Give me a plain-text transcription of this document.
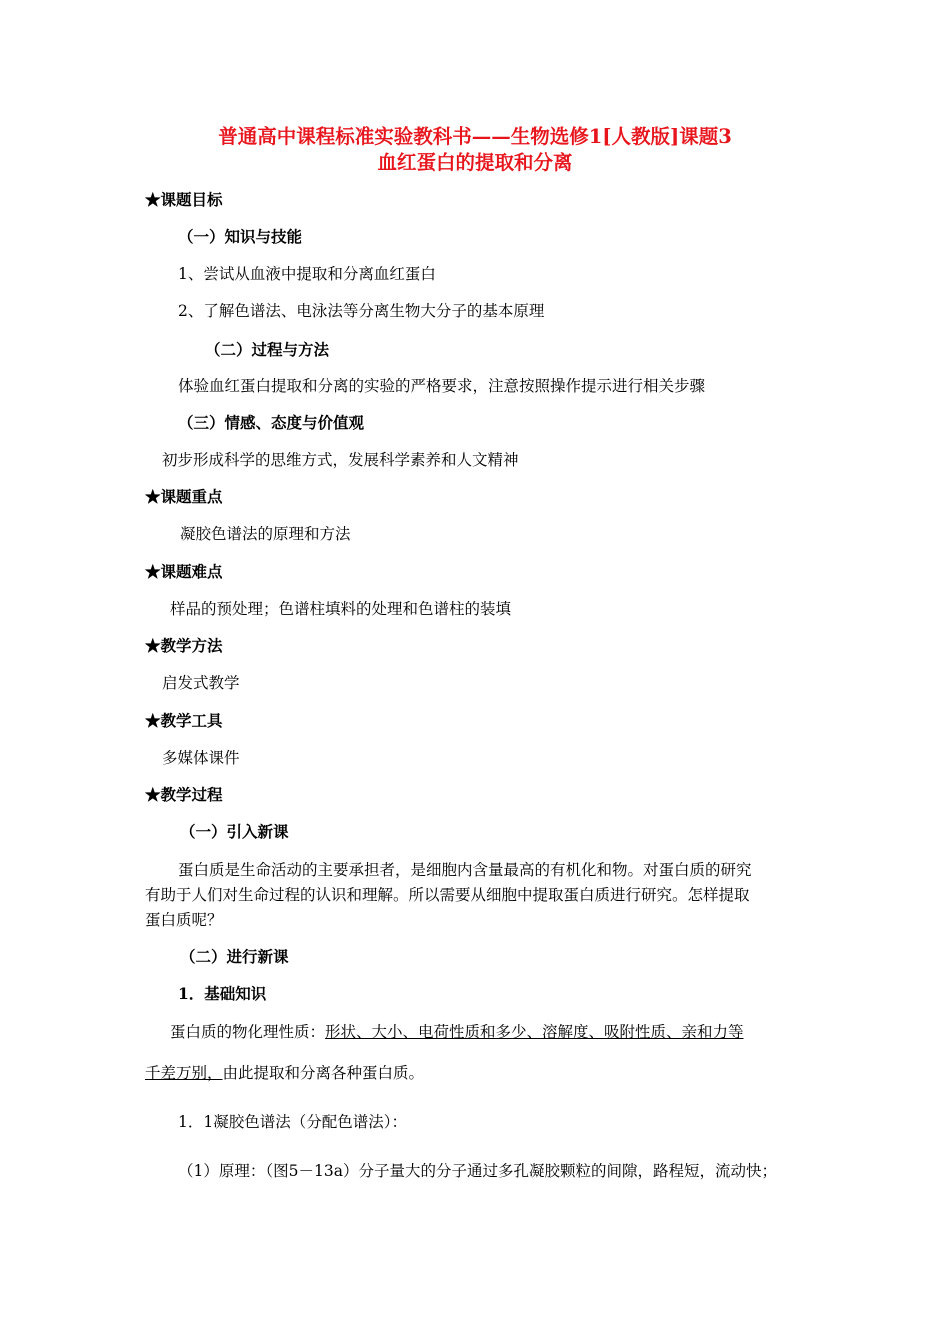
普通高中课程标准实验教科书——生物选修1[人教版]课题3
血红蛋白的提取和分离
★课题目标
（一）知识与技能
1、尝试从血液中提取和分离血红蛋白
2、了解色谱法、电泳法等分离生物大分子的基本原理
（二）过程与方法
体验血红蛋白提取和分离的实验的严格要求，注意按照操作提示进行相关步骤
（三）情感、态度与价值观
初步形成科学的思维方式，发展科学素养和人文精神
★课题重点
凝胶色谱法的原理和方法
★课题难点
样品的预处理；色谱柱填料的处理和色谱柱的装填
★教学方法
启发式教学
★教学工具
多媒体课件
★教学过程
（一）引入新课
蛋白质是生命活动的主要承担者，是细胞内含量最高的有机化和物。对蛋白质的研究
有助于人们对生命过程的认识和理解。所以需要从细胞中提取蛋白质进行研究。怎样提取
蛋白质呢？
（二）进行新课
1．基础知识
蛋白质的物化理性质：形状、大小、电荷性质和多少、溶解度、吸附性质、亲和力等
千差万别，由此提取和分离各种蛋白质。
1．1凝胶色谱法（分配色谱法）：
（1）原理：（图5－13a）分子量大的分子通过多孔凝胶颗粒的间隙，路程短，流动快；
